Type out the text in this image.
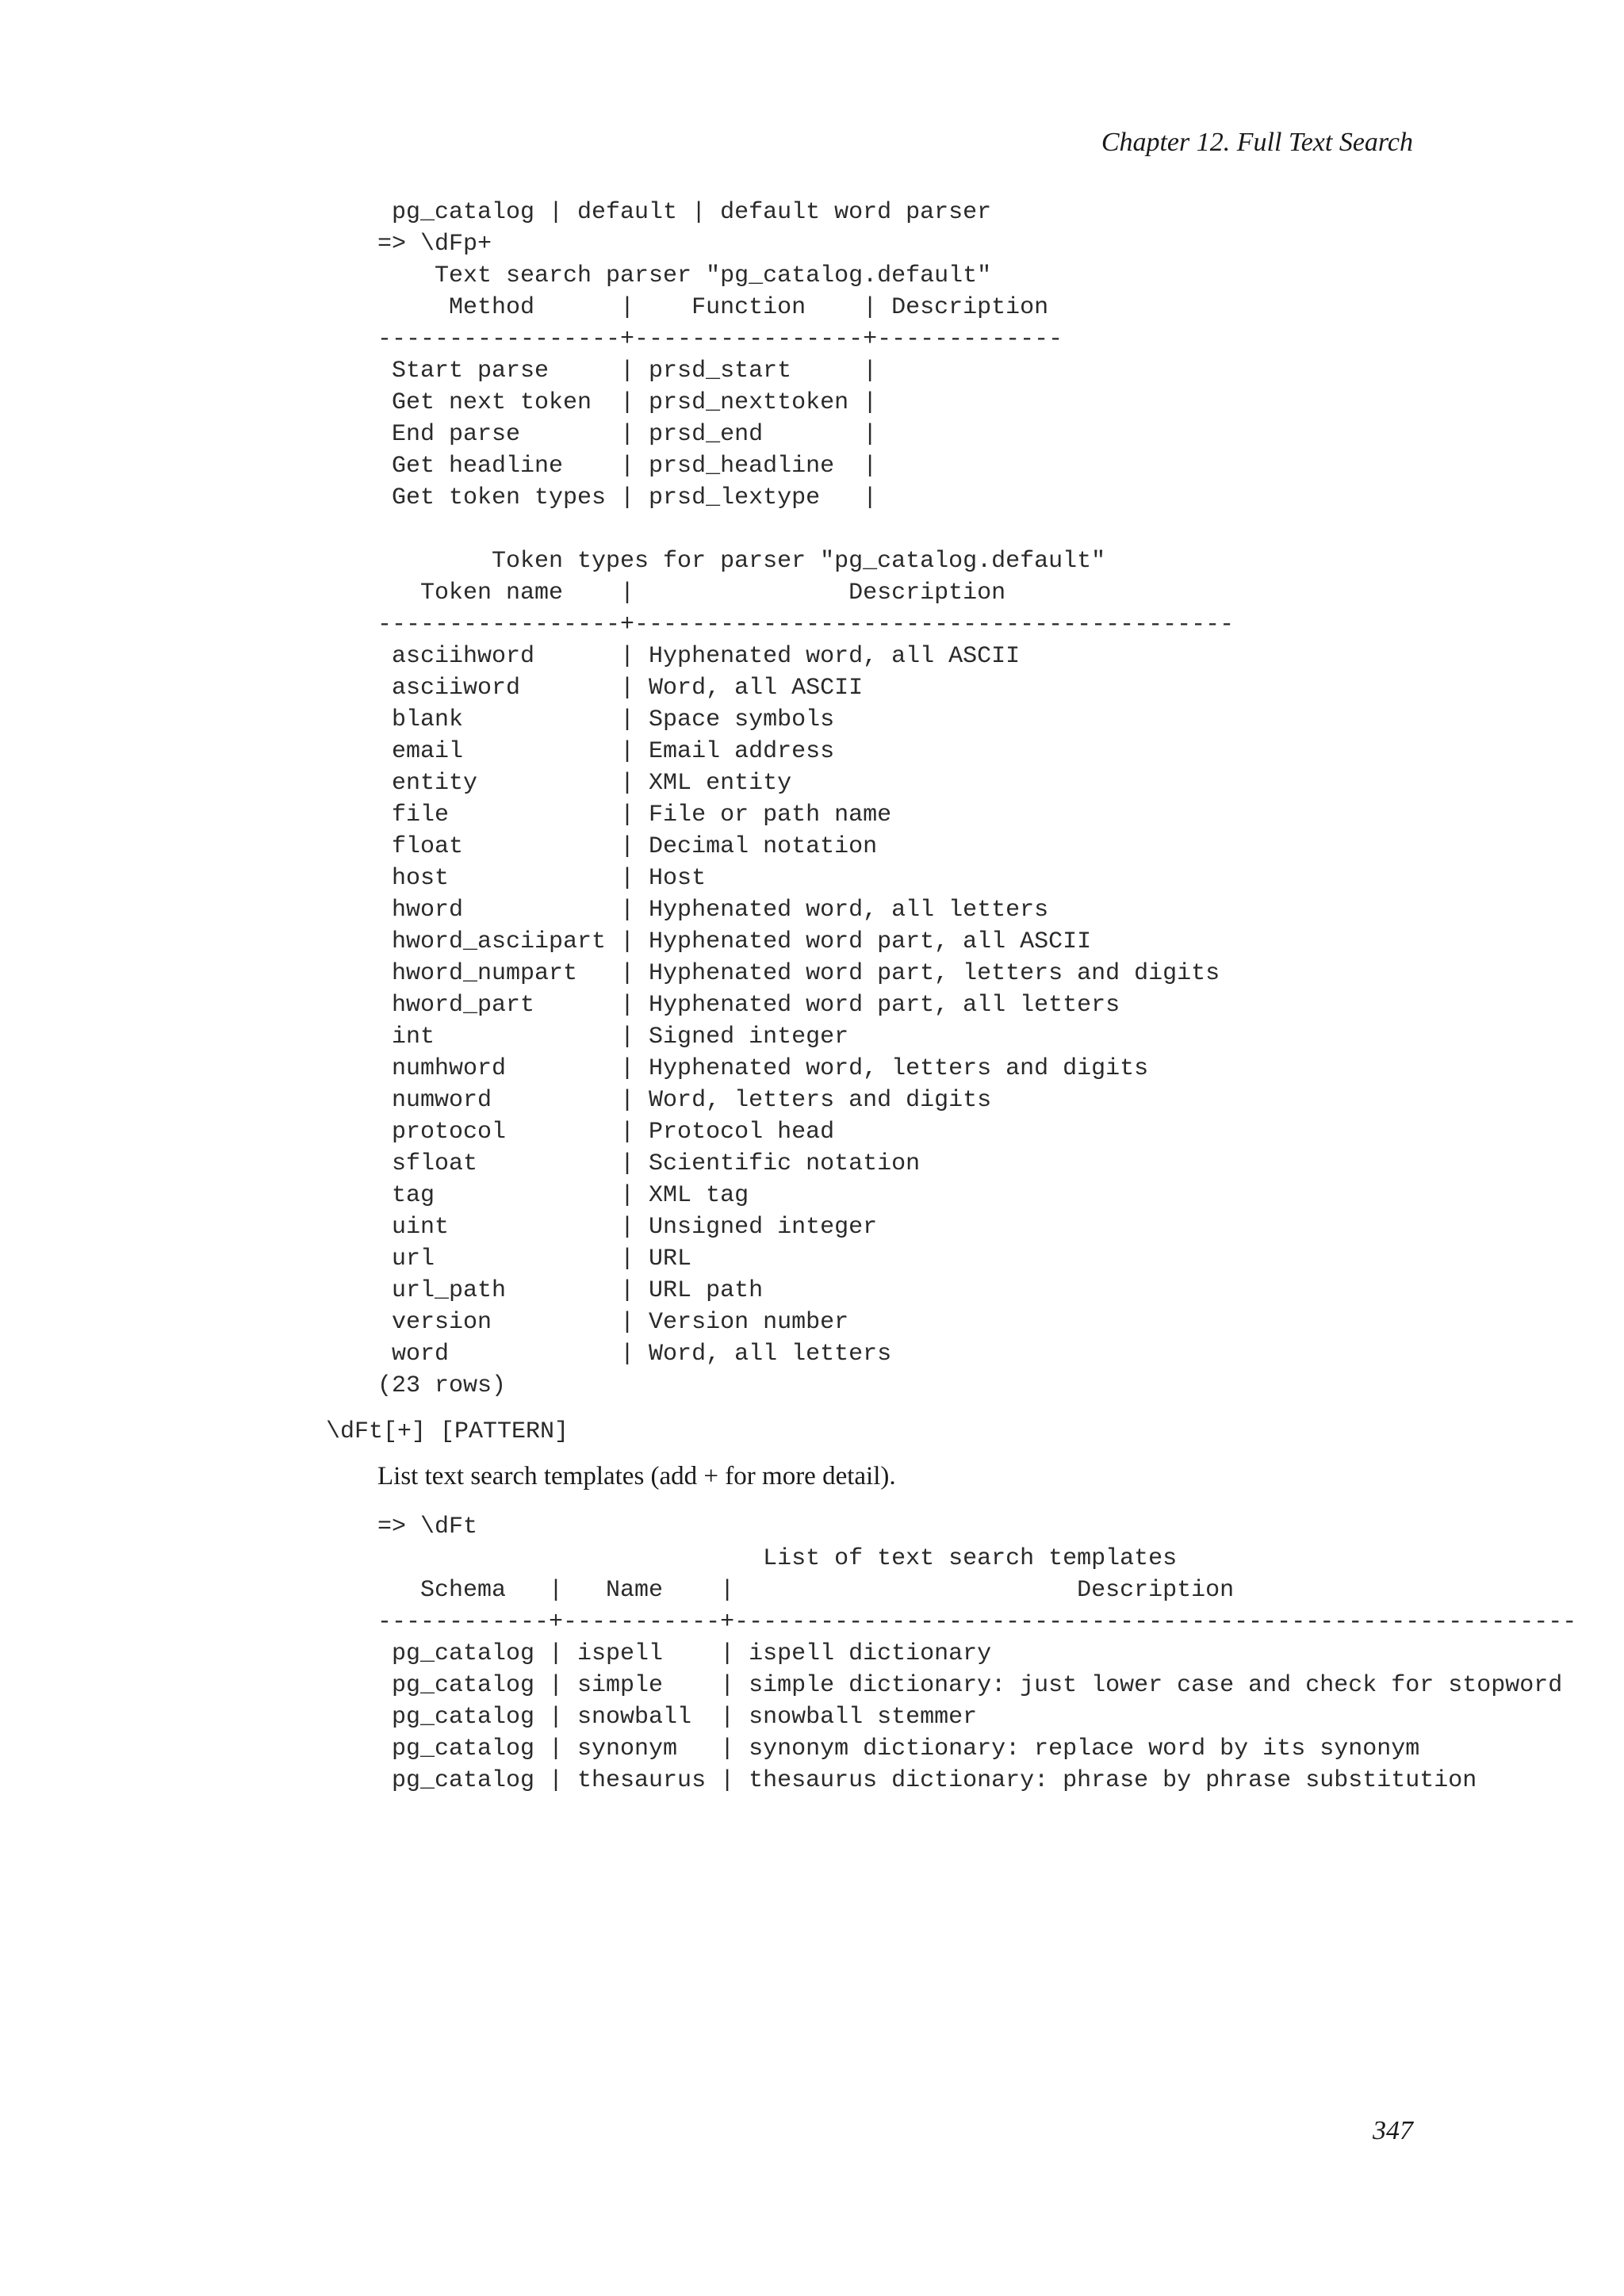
Chapter 12. Full Text Search
pg_catalog | default | default word parser
=> \dFp+
Text search parser "pg_catalog.default"
Method      |    Function    | Description
-----------------+----------------+-------------
Start parse     | prsd_start     |
Get next token  | prsd_nexttoken |
End parse       | prsd_end       |
Get headline    | prsd_headline  |
Get token types | prsd_lextype   |

Token types for parser "pg_catalog.default"
Token name    |               Description
-----------------+------------------------------------------
asciihword      | Hyphenated word, all ASCII
asciiword       | Word, all ASCII
blank           | Space symbols
email           | Email address
entity          | XML entity
file            | File or path name
float           | Decimal notation
host            | Host
hword           | Hyphenated word, all letters
hword_asciipart | Hyphenated word part, all ASCII
hword_numpart   | Hyphenated word part, letters and digits
hword_part      | Hyphenated word part, all letters
int             | Signed integer
numhword        | Hyphenated word, letters and digits
numword         | Word, letters and digits
protocol        | Protocol head
sfloat          | Scientific notation
tag             | XML tag
uint            | Unsigned integer
url             | URL
url_path        | URL path
version         | Version number
word            | Word, all letters
(23 rows)

\dFt[+] [PATTERN]

List text search templates (add + for more detail).

=> \dFt
List of text search templates
Schema   |   Name    |                        Description
------------+-----------+-----------------------------------------------------------
pg_catalog | ispell    | ispell dictionary
pg_catalog | simple    | simple dictionary: just lower case and check for stopword
pg_catalog | snowball  | snowball stemmer
pg_catalog | synonym   | synonym dictionary: replace word by its synonym
pg_catalog | thesaurus | thesaurus dictionary: phrase by phrase substitution

347
